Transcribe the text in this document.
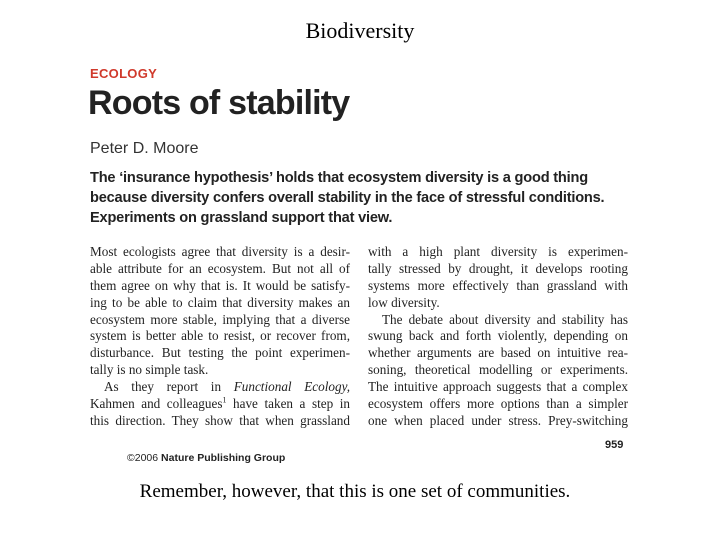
Biodiversity
ECOLOGY
Roots of stability
Peter D. Moore
The ‘insurance hypothesis’ holds that ecosystem diversity is a good thing
because diversity confers overall stability in the face of stressful conditions.
Experiments on grassland support that view.
Most ecologists agree that diversity is a desir-
able attribute for an ecosystem. But not all of
them agree on why that is. It would be satisfy-
ing to be able to claim that diversity makes an
ecosystem more stable, implying that a diverse
system is better able to resist, or recover from,
disturbance. But testing the point experimen-
tally is no simple task.
As they report in Functional Ecology,
Kahmen and colleagues$^1$ have taken a step in
this direction. They show that when grassland
with a high plant diversity is experimen-
tally stressed by drought, it develops rooting
systems more effectively than grassland with
low diversity.
The debate about diversity and stability has
swung back and forth violently, depending on
whether arguments are based on intuitive rea-
soning, theoretical modelling or experiments.
The intuitive approach suggests that a complex
ecosystem offers more options than a simpler
one when placed under stress. Prey-switching
©2006 Nature Publishing Group
959
Remember, however, that this is one set of communities.
